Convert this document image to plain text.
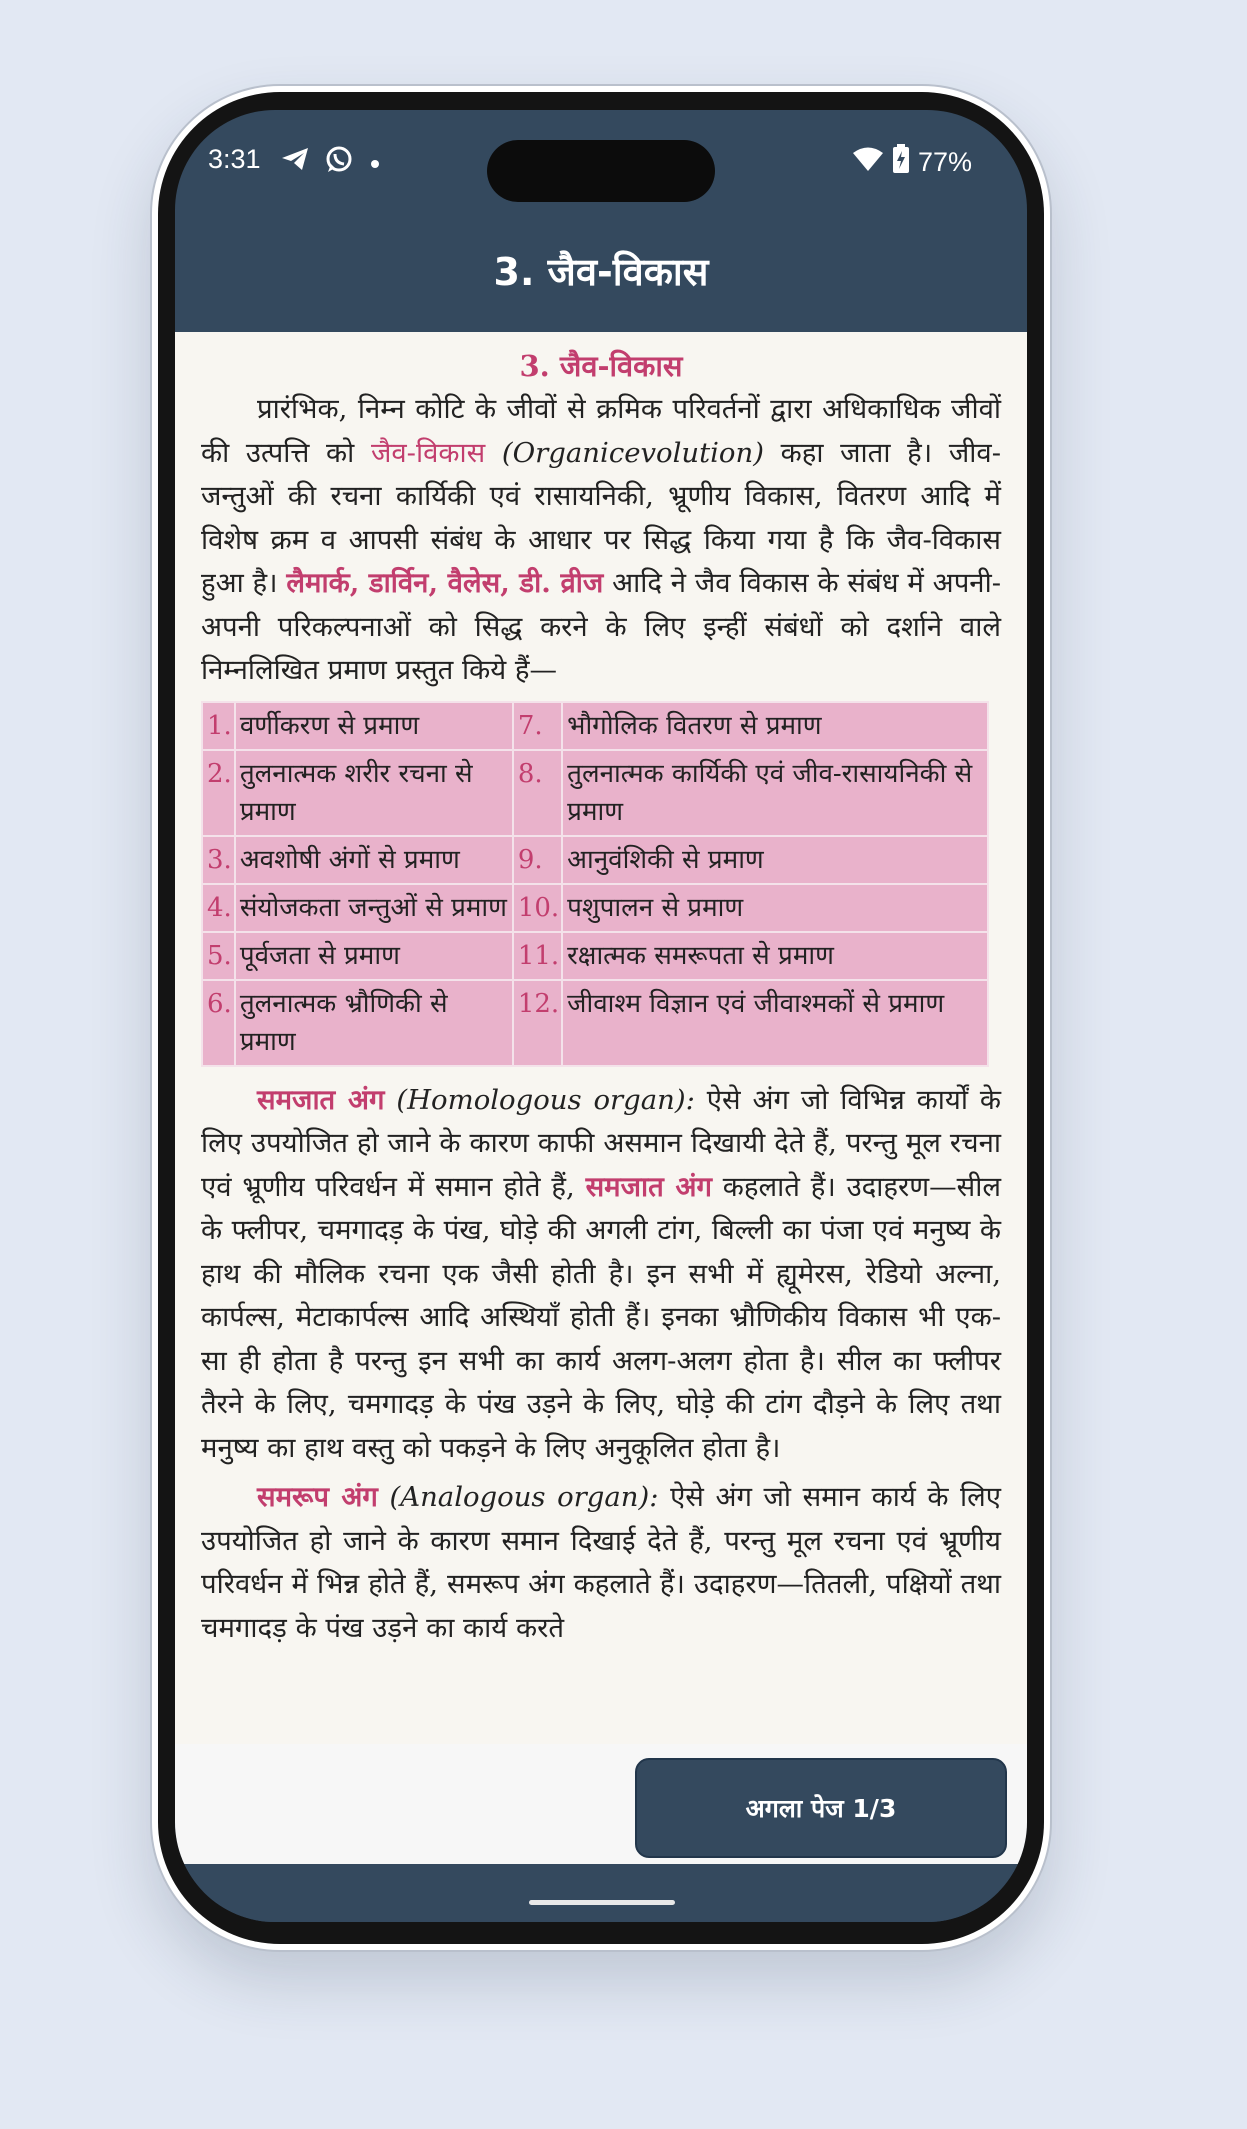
3:31	77%
3. जैव-विकास
3. जैव-विकास

प्रारंभिक, निम्न कोटि के जीवों से क्रमिक परिवर्तनों द्वारा अधिकाधिक जीवों की उत्पत्ति को जैव-विकास (Organicevolution) कहा जाता है। जीव-जन्तुओं की रचना कार्यिकी एवं रासायनिकी, भ्रूणीय विकास, वितरण आदि में विशेष क्रम व आपसी संबंध के आधार पर सिद्ध किया गया है कि जैव-विकास हुआ है। लैमार्क, डार्विन, वैलेस, डी. व्रीज आदि ने जैव विकास के संबंध में अपनी-अपनी परिकल्पनाओं को सिद्ध करने के लिए इन्हीं संबंधों को दर्शाने वाले निम्नलिखित प्रमाण प्रस्तुत किये हैं—

1.	वर्णीकरण से प्रमाण	7.	भौगोलिक वितरण से प्रमाण
2.	तुलनात्मक शरीर रचना से प्रमाण	8.	तुलनात्मक कार्यिकी एवं जीव-रासायनिकी से प्रमाण
3.	अवशोषी अंगों से प्रमाण	9.	आनुवंशिकी से प्रमाण
4.	संयोजकता जन्तुओं से प्रमाण	10.	पशुपालन से प्रमाण
5.	पूर्वजता से प्रमाण	11.	रक्षात्मक समरूपता से प्रमाण
6.	तुलनात्मक भ्रौणिकी से प्रमाण	12.	जीवाश्म विज्ञान एवं जीवाश्मकों से प्रमाण

समजात अंग (Homologous organ): ऐसे अंग जो विभिन्न कार्यों के लिए उपयोजित हो जाने के कारण काफी असमान दिखायी देते हैं, परन्तु मूल रचना एवं भ्रूणीय परिवर्धन में समान होते हैं, समजात अंग कहलाते हैं। उदाहरण—सील के फ्लीपर, चमगादड़ के पंख, घोड़े की अगली टांग, बिल्ली का पंजा एवं मनुष्य के हाथ की मौलिक रचना एक जैसी होती है। इन सभी में ह्यूमेरस, रेडियो अल्ना, कार्पल्स, मेटाकार्पल्स आदि अस्थियाँ होती हैं। इनका भ्रौणिकीय विकास भी एक-सा ही होता है परन्तु इन सभी का कार्य अलग-अलग होता है। सील का फ्लीपर तैरने के लिए, चमगादड़ के पंख उड़ने के लिए, घोड़े की टांग दौड़ने के लिए तथा मनुष्य का हाथ वस्तु को पकड़ने के लिए अनुकूलित होता है।

समरूप अंग (Analogous organ): ऐसे अंग जो समान कार्य के लिए उपयोजित हो जाने के कारण समान दिखाई देते हैं, परन्तु मूल रचना एवं भ्रूणीय परिवर्धन में भिन्न होते हैं, समरूप अंग कहलाते हैं। उदाहरण—तितली, पक्षियों तथा चमगादड़ के पंख उड़ने का कार्य करते

अगला पेज 1/3
